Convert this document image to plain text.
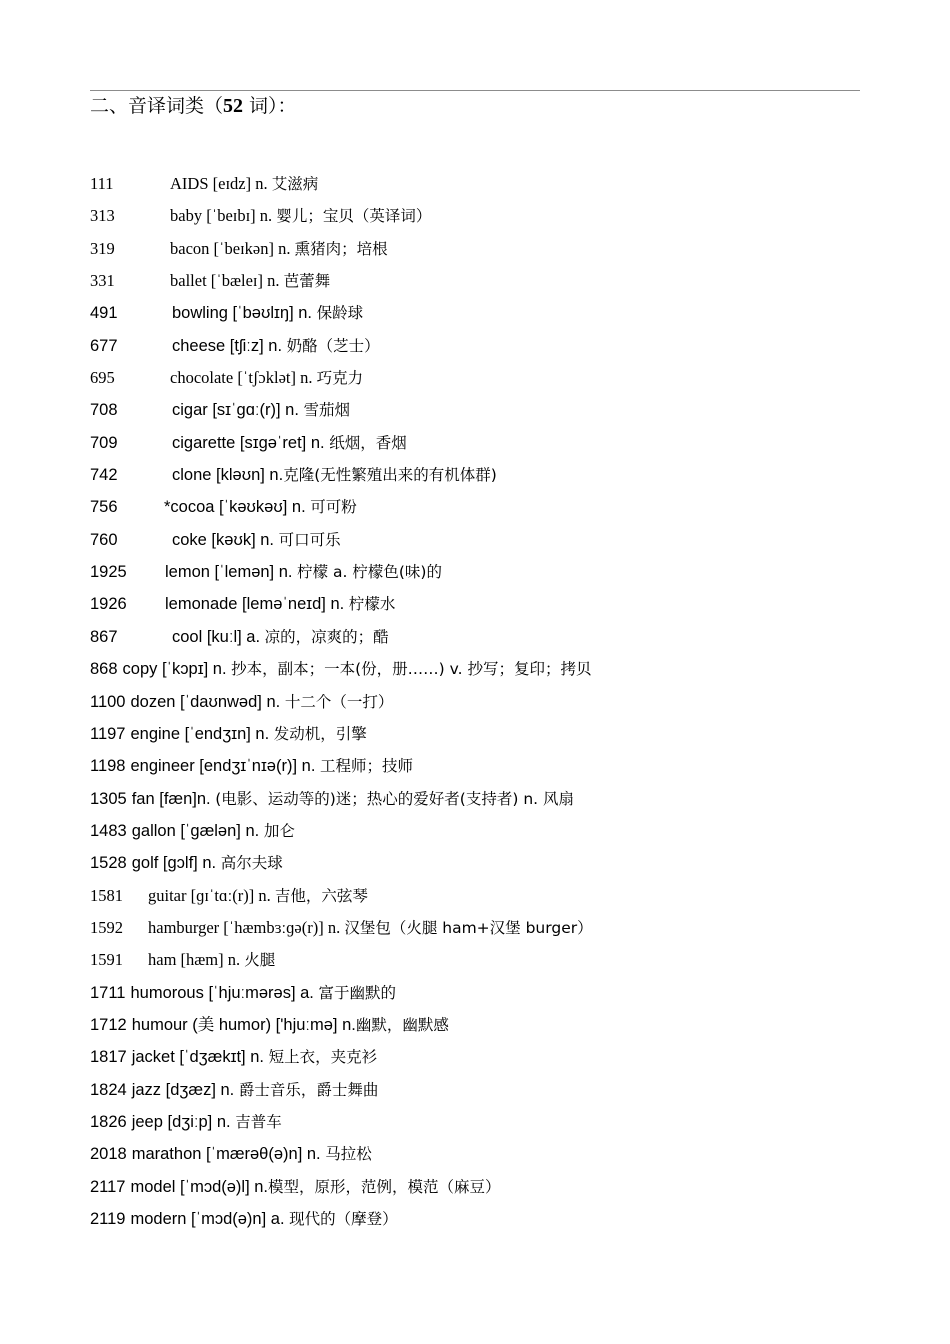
二、音译词类（52 词）：
111	AIDS [eɪdz] n. 艾滋病
313	baby [ˈbeɪbɪ] n. 婴儿；宝贝（英译词）
319	bacon [ˈbeɪkən] n. 熏猪肉；培根
331	ballet [ˈbæleɪ] n. 芭蕾舞
491	bowling [ˈbəʊlɪŋ] n. 保龄球
677	cheese [tʃiːz] n. 奶酪（芝士）
695	chocolate [ˈtʃɔklət] n. 巧克力
708	cigar [sɪˈɡɑː(r)] n. 雪茄烟
709	cigarette [sɪɡəˈret] n. 纸烟，香烟
742	clone [kləʊn] n.克隆(无性繁殖出来的有机体群)
756	*cocoa [ˈkəʊkəʊ] n. 可可粉
760	coke [kəʊk] n. 可口可乐
1925 lemon [ˈlemən] n. 柠檬 a. 柠檬色(味)的
1926 lemonade [leməˈneɪd] n. 柠檬水
867	cool [kuːl] a. 凉的，凉爽的；酷
868 copy [ˈkɔpɪ] n. 抄本，副本；一本(份，册……) v. 抄写；复印；拷贝
1100 dozen [ˈdaʊnwəd] n. 十二个（一打）
1197 engine [ˈendʒɪn] n. 发动机，引擎
1198 engineer [endʒɪˈnɪə(r)] n. 工程师；技师
1305 fan [fæn]n. (电影、运动等的)迷；热心的爱好者(支持者) n. 风扇
1483 gallon [ˈɡælən] n. 加仑
1528 golf [ɡɔlf] n. 高尔夫球
1581 guitar [ɡɪˈtɑː(r)] n. 吉他，六弦琴
1592 hamburger [ˈhæmbɜːɡə(r)] n. 汉堡包（火腿 ham+汉堡 burger）
1591 ham [hæm] n. 火腿
1711 humorous [ˈhjuːmərəs] a. 富于幽默的
1712 humour (美 humor) ['hjuːmə] n.幽默，幽默感
1817 jacket [ˈdʒækɪt] n. 短上衣，夹克衫
1824 jazz [dʒæz] n. 爵士音乐，爵士舞曲
1826 jeep [dʒiːp] n. 吉普车
2018 marathon [ˈmærəθ(ə)n] n. 马拉松
2117 model [ˈmɔd(ə)l] n.模型，原形，范例，模范（麻豆）
2119 modern [ˈmɔd(ə)n] a. 现代的（摩登）
